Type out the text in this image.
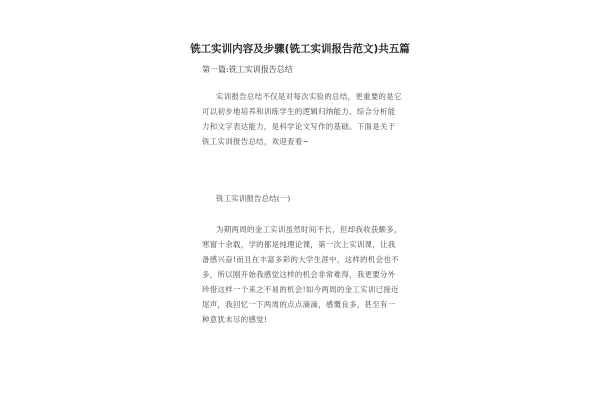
铣工实训内容及步骤(铣工实训报告范文)共五篇

第一篇:铣工实训报告总结

实训报告总结不仅是对每次实验的总结，更重要的是它可以初步地培养和训练学生的逻辑归纳能力、综合分析能力和文字表达能力，是科学论文写作的基础。下面是关于铣工实训报告总结，欢迎查看~

铣工实训报告总结(一)

为期两周的金工实训虽然时间不长，但却我收获颇多，寒窗十余载，学的都是纯理论课，第一次上实训课，让我备感兴奋!而且在丰富多彩的大学生涯中，这样的机会也不多，所以刚开始我感觉这样的机会非常难得，我更要分外珍惜这样一个来之不易的机会!如今两周的金工实训已接近尾声，我回忆一下两周的点点滴滴，感慨良多，甚至有一种意犹未尽的感觉!
